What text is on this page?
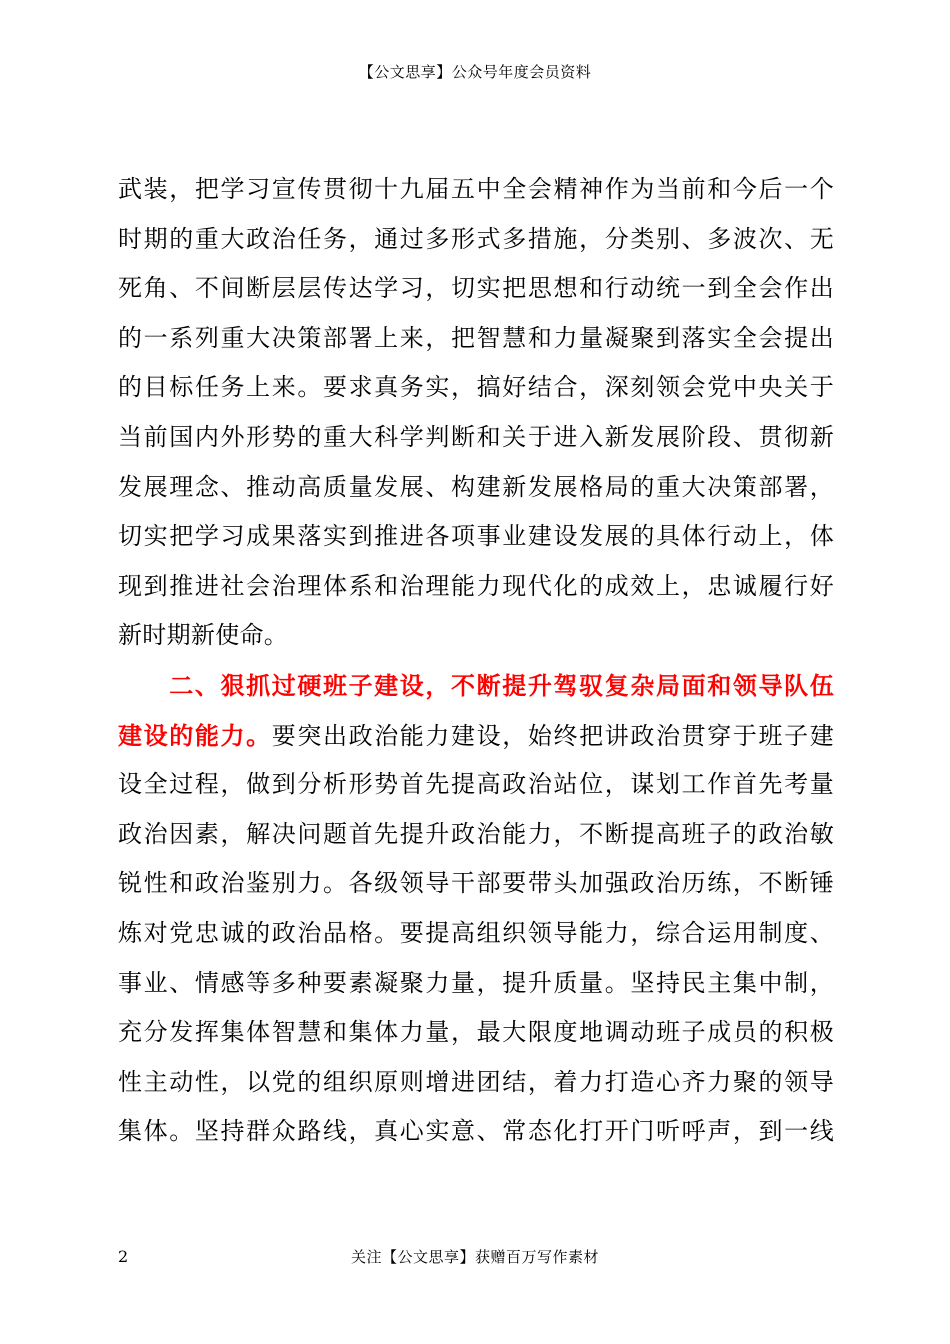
【公文思享】公众号年度会员资料
武装，把学习宣传贯彻十九届五中全会精神作为当前和今后一个
时期的重大政治任务，通过多形式多措施，分类别、多波次、无
死角、不间断层层传达学习，切实把思想和行动统一到全会作出
的一系列重大决策部署上来，把智慧和力量凝聚到落实全会提出
的目标任务上来。要求真务实，搞好结合，深刻领会党中央关于
当前国内外形势的重大科学判断和关于进入新发展阶段、贯彻新
发展理念、推动高质量发展、构建新发展格局的重大决策部署，
切实把学习成果落实到推进各项事业建设发展的具体行动上，体
现到推进社会治理体系和治理能力现代化的成效上，忠诚履行好
新时期新使命。
　　二、狠抓过硬班子建设，不断提升驾驭复杂局面和领导队伍
建设的能力。要突出政治能力建设，始终把讲政治贯穿于班子建
设全过程，做到分析形势首先提高政治站位，谋划工作首先考量
政治因素，解决问题首先提升政治能力，不断提高班子的政治敏
锐性和政治鉴别力。各级领导干部要带头加强政治历练，不断锤
炼对党忠诚的政治品格。要提高组织领导能力，综合运用制度、
事业、情感等多种要素凝聚力量，提升质量。坚持民主集中制，
充分发挥集体智慧和集体力量，最大限度地调动班子成员的积极
性主动性，以党的组织原则增进团结，着力打造心齐力聚的领导
集体。坚持群众路线，真心实意、常态化打开门听呼声，到一线
2	关注【公文思享】获赠百万写作素材
